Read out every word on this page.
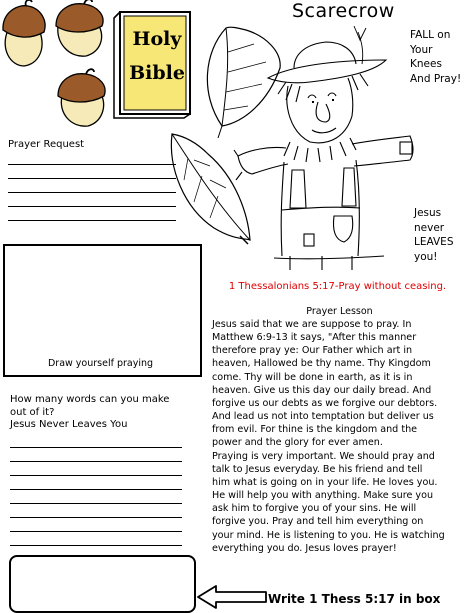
Holy
Bible
Scarecrow
FALL on
Your
Knees
And Pray!
Jesus
never
LEAVES
you!
Prayer Request
Draw yourself praying
How many words can you make
out of it?
Jesus Never Leaves You
Write 1 Thess 5:17 in box
1 Thessalonians 5:17-Pray without ceasing.
Prayer Lesson
Jesus said that we are suppose to pray. In
Matthew 6:9-13 it says, "After this manner
therefore pray ye: Our Father which art in
heaven, Hallowed be thy name. Thy Kingdom
come. Thy will be done in earth, as it is in
heaven. Give us this day our daily bread. And
forgive us our debts as we forgive our debtors.
And lead us not into temptation but deliver us
from evil. For thine is the kingdom and the
power and the glory for ever amen.
Praying is very important. We should pray and
talk to Jesus everyday. Be his friend and tell
him what is going on in your life. He loves you.
He will help you with anything. Make sure you
ask him to forgive you of your sins. He will
forgive you. Pray and tell him everything on
your mind. He is listening to you. He is watching
everything you do. Jesus loves prayer!
